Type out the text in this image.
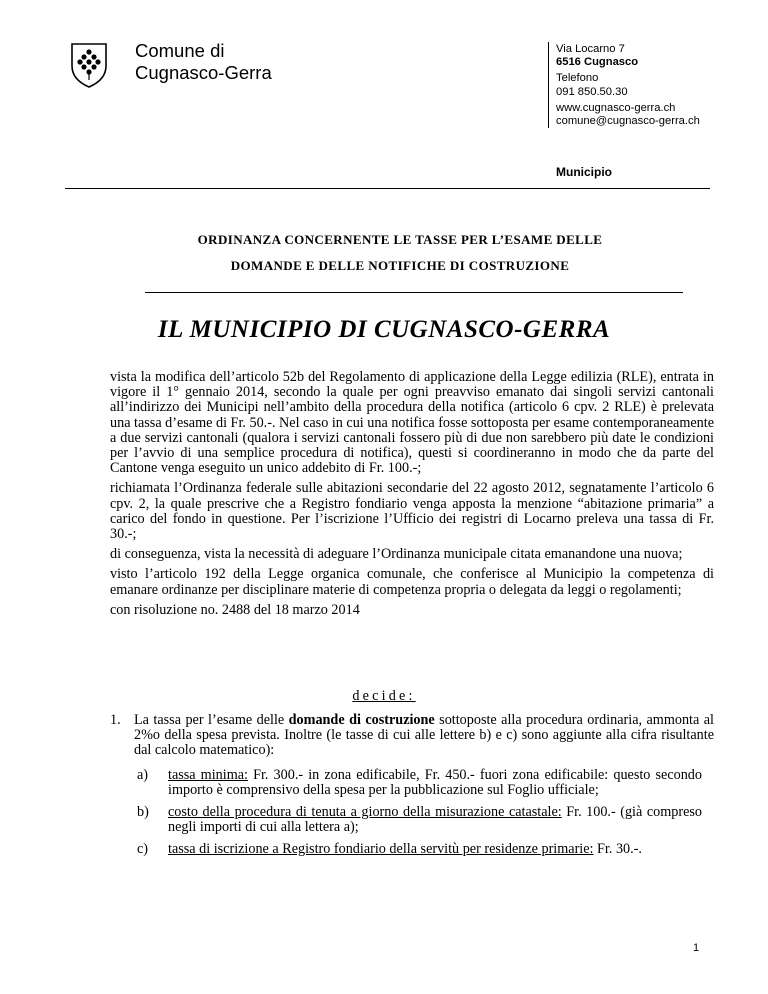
Comune di
Cugnasco-Gerra
Via Locarno 7
6516 Cugnasco
Telefono
091 850.50.30
www.cugnasco-gerra.ch
comune@cugnasco-gerra.ch
Municipio
ORDINANZA CONCERNENTE LE TASSE PER L’ESAME DELLE
DOMANDE E DELLE NOTIFICHE DI COSTRUZIONE
IL MUNICIPIO DI CUGNASCO-GERRA

vista la modifica dell’articolo 52b del Regolamento di applicazione della Legge edilizia (RLE), entrata in vigore il 1° gennaio 2014, secondo la quale per ogni preavviso emanato dai singoli servizi cantonali all’indirizzo dei Municipi nell’ambito della procedura della notifica (articolo 6 cpv. 2 RLE) è prelevata una tassa d’esame di Fr. 50.-. Nel caso in cui una notifica fosse sottoposta per esame contemporaneamente a due servizi cantonali (qualora i servizi cantonali fossero più di due non sarebbero più date le condizioni per l’avvio di una semplice procedura di notifica), questi si coordineranno in modo che da parte del Cantone venga eseguito un unico addebito di Fr. 100.-;

richiamata l’Ordinanza federale sulle abitazioni secondarie del 22 agosto 2012, segnatamente l’articolo 6 cpv. 2, la quale prescrive che a Registro fondiario venga apposta la menzione “abitazione primaria” a carico del fondo in questione. Per l’iscrizione l’Ufficio dei registri di Locarno preleva una tassa di Fr. 30.-;

di conseguenza, vista la necessità di adeguare l’Ordinanza municipale citata emanandone una nuova;

visto l’articolo 192 della Legge organica comunale, che conferisce al Municipio la competenza di emanare ordinanze per disciplinare materie di competenza propria o delegata da leggi o regolamenti;

con risoluzione no. 2488 del 18 marzo 2014

decide:
1. La tassa per l’esame delle domande di costruzione sottoposte alla procedura ordinaria, ammonta al 2%o della spesa prevista. Inoltre (le tasse di cui alle lettere b) e c) sono aggiunte alla cifra risultante dal calcolo matematico):
a)	tassa minima: Fr. 300.- in zona edificabile, Fr. 450.- fuori zona edificabile: questo secondo importo è comprensivo della spesa per la pubblicazione sul Foglio ufficiale;
b)	costo della procedura di tenuta a giorno della misurazione catastale: Fr. 100.- (già compreso negli importi di cui alla lettera a);
c)	tassa di iscrizione a Registro fondiario della servitù per residenze primarie: Fr. 30.-.
1
